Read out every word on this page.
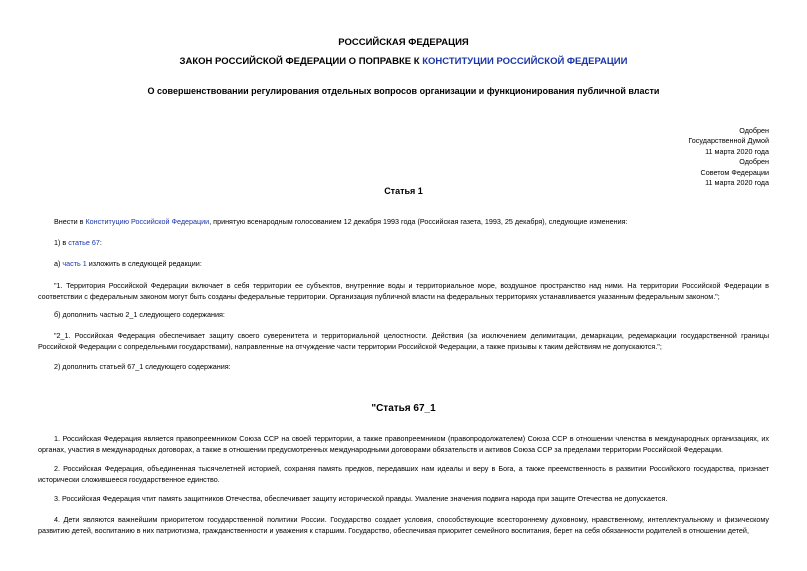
РОССИЙСКАЯ ФЕДЕРАЦИЯ
ЗАКОН РОССИЙСКОЙ ФЕДЕРАЦИИ О ПОПРАВКЕ К КОНСТИТУЦИИ РОССИЙСКОЙ ФЕДЕРАЦИИ
О совершенствовании регулирования отдельных вопросов организации и функционирования публичной власти
Одобрен
Государственной Думой
11 марта 2020 года
Одобрен
Советом Федерации
11 марта 2020 года
Статья 1

Внести в Конституцию Российской Федерации, принятую всенародным голосованием 12 декабря 1993 года (Российская газета, 1993, 25 декабря), следующие изменения:

1) в статье 67:

а) часть 1 изложить в следующей редакции:

"1. Территория Российской Федерации включает в себя территории ее субъектов, внутренние воды и территориальное море, воздушное пространство над ними. На территории Российской Федерации в соответствии с федеральным законом могут быть созданы федеральные территории. Организация публичной власти на федеральных территориях устанавливается указанным федеральным законом.";

б) дополнить частью 2_1 следующего содержания:

"2_1. Российская Федерация обеспечивает защиту своего суверенитета и территориальной целостности. Действия (за исключением делимитации, демаркации, редемаркации государственной границы Российской Федерации с сопредельными государствами), направленные на отчуждение части территории Российской Федерации, а также призывы к таким действиям не допускаются.";

2) дополнить статьей 67_1 следующего содержания:

"Статья 67_1

1. Российская Федерация является правопреемником Союза ССР на своей территории, а также правопреемником (правопродолжателем) Союза ССР в отношении членства в международных организациях, их органах, участия в международных договорах, а также в отношении предусмотренных международными договорами обязательств и активов Союза ССР за пределами территории Российской Федерации.

2. Российская Федерация, объединенная тысячелетней историей, сохраняя память предков, передавших нам идеалы и веру в Бога, а также преемственность в развитии Российского государства, признает исторически сложившееся государственное единство.

3. Российская Федерация чтит память защитников Отечества, обеспечивает защиту исторической правды. Умаление значения подвига народа при защите Отечества не допускается.

4. Дети являются важнейшим приоритетом государственной политики России. Государство создает условия, способствующие всестороннему духовному, нравственному, интеллектуальному и физическому развитию детей, воспитанию в них патриотизма, гражданственности и уважения к старшим. Государство, обеспечивая приоритет семейного воспитания, берет на себя обязанности родителей в отношении детей,
